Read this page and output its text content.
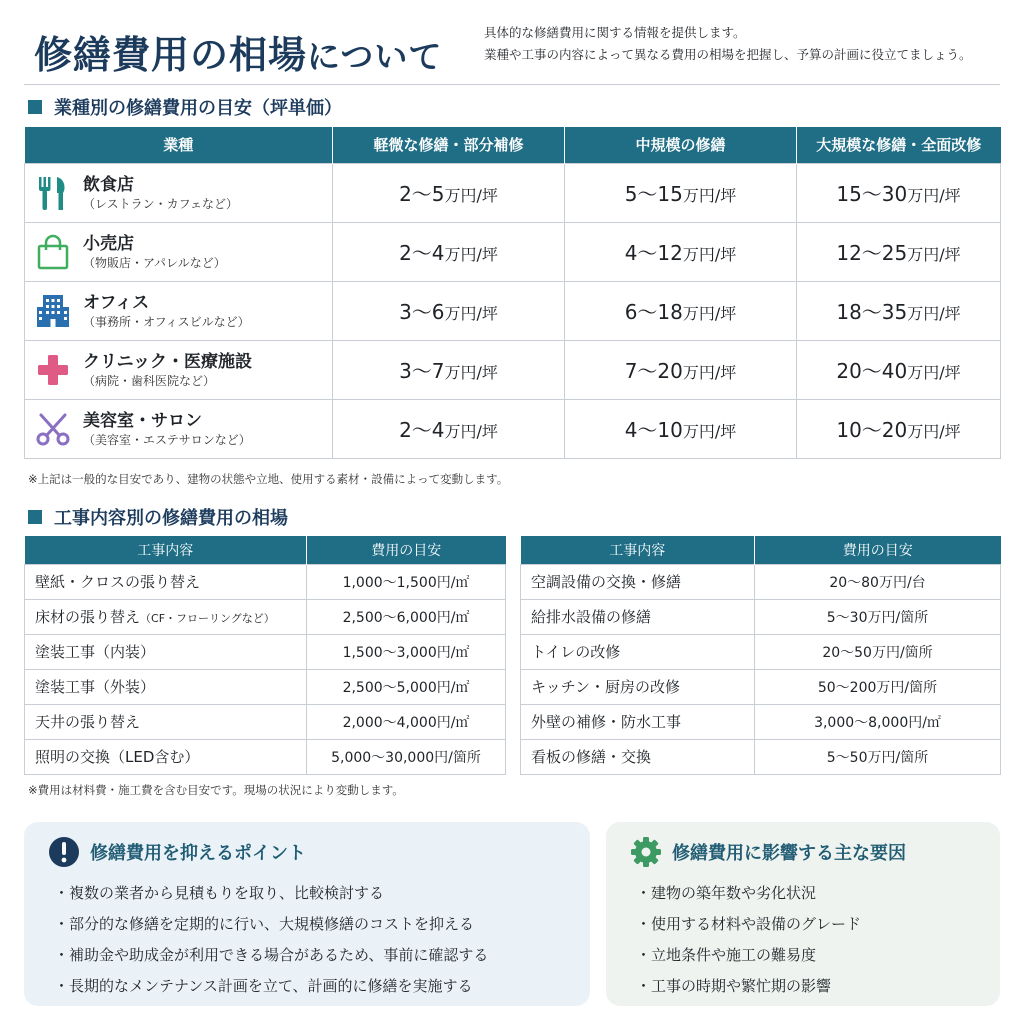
修繕費用の相場について
具体的な修繕費用に関する情報を提供します。
業種や工事の内容によって異なる費用の相場を把握し、予算の計画に役立てましょう。
業種別の修繕費用の目安（坪単価）
業種	軽微な修繕・部分補修	中規模の修繕	大規模な修繕・全面改修

飲食店
（レストラン・カフェなど）	2～5万円/坪	5～15万円/坪	15～30万円/坪

小売店
（物販店・アパレルなど）	2～4万円/坪	4～12万円/坪	12～25万円/坪

オフィス
（事務所・オフィスビルなど）	3～6万円/坪	6～18万円/坪	18～35万円/坪

クリニック・医療施設
（病院・歯科医院など）	3～7万円/坪	7～20万円/坪	20～40万円/坪

美容室・サロン
（美容室・エステサロンなど）	2～4万円/坪	4～10万円/坪	10～20万円/坪
※上記は一般的な目安であり、建物の状態や立地、使用する素材・設備によって変動します。
工事内容別の修繕費用の相場
工事内容	費用の目安
壁紙・クロスの張り替え	1,000～1,500円/㎡
床材の張り替え（CF・フローリングなど）	2,500～6,000円/㎡
塗装工事（内装）	1,500～3,000円/㎡
塗装工事（外装）	2,500～5,000円/㎡
天井の張り替え	2,000～4,000円/㎡
照明の交換（LED含む）	5,000～30,000円/箇所
工事内容	費用の目安
空調設備の交換・修繕	20～80万円/台
給排水設備の修繕	5～30万円/箇所
トイレの改修	20～50万円/箇所
キッチン・厨房の改修	50～200万円/箇所
外壁の補修・防水工事	3,000～8,000円/㎡
看板の修繕・交換	5～50万円/箇所
※費用は材料費・施工費を含む目安です。現場の状況により変動します。
修繕費用を抑えるポイント
・ 複数の業者から見積もりを取り、比較検討する
・ 部分的な修繕を定期的に行い、大規模修繕のコストを抑える
・ 補助金や助成金が利用できる場合があるため、事前に確認する
・ 長期的なメンテナンス計画を立て、計画的に修繕を実施する
修繕費用に影響する主な要因
・ 建物の築年数や劣化状況
・ 使用する材料や設備のグレード
・ 立地条件や施工の難易度
・ 工事の時期や繁忙期の影響
